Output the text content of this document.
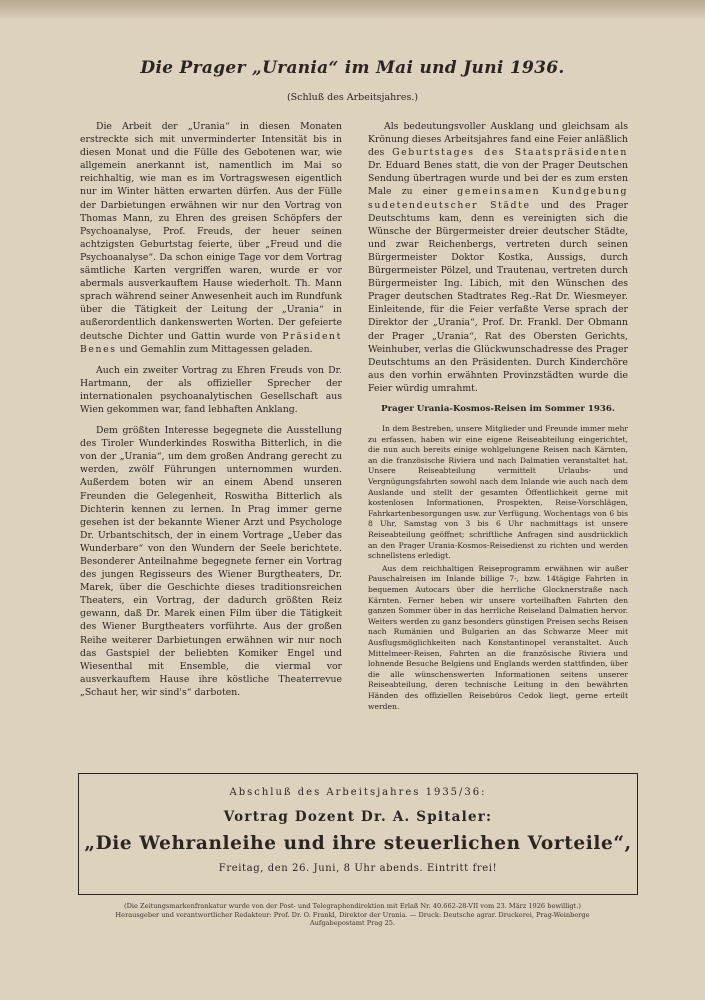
Die Prager „Urania“ im Mai und Juni 1936.
(Schluß des Arbeitsjahres.)

Die Arbeit der „Urania“ in diesen Monaten erstreckte sich mit unverminderter Intensität bis in diesen Monat und die Fülle des Gebotenen war, wie allgemein anerkannt ist, namentlich im Mai so reichhaltig, wie man es im Vortragswesen eigentlich nur im Winter hätten erwarten dürfen. Aus der Fülle der Darbietungen erwähnen wir nur den Vortrag von Thomas Mann, zu Ehren des greisen Schöpfers der Psychoanalyse, Prof. Freuds, der heuer seinen achtzigsten Geburtstag feierte, über „Freud und die Psychoanalyse“. Da schon einige Tage vor dem Vortrag sämtliche Karten vergriffen waren, wurde er vor abermals ausverkauftem Hause wiederholt. Th. Mann sprach während seiner Anwesenheit auch im Rundfunk über die Tätigkeit der Leitung der „Urania“ in außerordentlich dankenswerten Worten. Der gefeierte deutsche Dichter und Gattin wurde von Präsident Benes und Gemahlin zum Mittagessen geladen.

Auch ein zweiter Vortrag zu Ehren Freuds von Dr. Hartmann, der als offizieller Sprecher der internationalen psychoanalytischen Gesellschaft aus Wien gekommen war, fand lebhaften Anklang.

Dem größten Interesse begegnete die Ausstellung des Tiroler Wunderkindes Roswitha Bitterlich, in die von der „Urania“, um dem großen Andrang gerecht zu werden, zwölf Führungen unternommen wurden. Außerdem boten wir an einem Abend unseren Freunden die Gelegenheit, Roswitha Bitterlich als Dichterin kennen zu lernen. In Prag immer gerne gesehen ist der bekannte Wiener Arzt und Psychologe Dr. Urbantschitsch, der in einem Vortrage „Ueber das Wunderbare“ von den Wundern der Seele berichtete. Besonderer Anteilnahme begegnete ferner ein Vortrag des jungen Regisseurs des Wiener Burgtheaters, Dr. Marek, über die Geschichte dieses traditionsreichen Theaters, ein Vortrag, der dadurch größten Reiz gewann, daß Dr. Marek einen Film über die Tätigkeit des Wiener Burgtheaters vorführte. Aus der großen Reihe weiterer Darbietungen erwähnen wir nur noch das Gastspiel der beliebten Komiker Engel und Wiesenthal mit Ensemble, die viermal vor ausverkauftem Hause ihre köstliche Theaterrevue „Schaut her, wir sind's“ darboten.

Als bedeutungsvoller Ausklang und gleichsam als Krönung dieses Arbeitsjahres fand eine Feier anläßlich des Geburtstages des Staatspräsidenten Dr. Eduard Benes statt, die von der Prager Deutschen Sendung übertragen wurde und bei der es zum ersten Male zu einer gemeinsamen Kundgebung sudetendeutscher Städte und des Prager Deutschtums kam, denn es vereinigten sich die Wünsche der Bürgermeister dreier deutscher Städte, und zwar Reichenbergs, vertreten durch seinen Bürgermeister Doktor Kostka, Aussigs, durch Bürgermeister Pölzel, und Trautenau, vertreten durch Bürgermeister Ing. Libich, mit den Wünschen des Prager deutschen Stadtrates Reg.-Rat Dr. Wiesmeyer. Einleitende, für die Feier verfaßte Verse sprach der Direktor der „Urania“, Prof. Dr. Frankl. Der Obmann der Prager „Urania“, Rat des Obersten Gerichts, Weinhuber, verlas die Glückwunschadresse des Prager Deutschtums an den Präsidenten. Durch Kinderchöre aus den vorhin erwähnten Provinzstädten wurde die Feier würdig umrahmt.

Prager Urania-Kosmos-Reisen im Sommer 1936.

In dem Bestreben, unsere Mitglieder und Freunde immer mehr zu erfassen, haben wir eine eigene Reiseabteilung eingerichtet, die nun auch bereits einige wohlgelungene Reisen nach Kärnten, an die französische Riviera und nach Dalmatien veranstaltet hat. Unsere Reiseabteilung vermittelt Urlaubs- und Vergnügungsfahrten sowohl nach dem Inlande wie auch nach dem Auslande und stellt der gesamten Öffentlichkeit gerne mit kostenlosen Informationen, Prospekten, Reise-Vorschlägen, Fahrkartenbesorgungen usw. zur Verfügung. Wochentags von 6 bis 8 Uhr, Samstag von 3 bis 6 Uhr nachmittags ist unsere Reiseabteilung geöffnet; schriftliche Anfragen sind ausdrücklich an den Prager Urania-Kosmos-Reisedienst zu richten und werden schnellstens erledigt.

Aus dem reichhaltigen Reiseprogramm erwähnen wir außer Pauschalreisen im Inlande billige 7-, bzw. 14tägige Fahrten in bequemen Autocars über die herrliche Glocknerstraße nach Kärnten. Ferner heben wir unsere vorteilhaften Fahrten den ganzen Sommer über in das herrliche Reiseland Dalmatien hervor. Weiters werden zu ganz besonders günstigen Preisen sechs Reisen nach Rumänien und Bulgarien an das Schwarze Meer mit Ausflugsmöglichkeiten nach Konstantinopel veranstaltet. Auch Mittelmeer-Reisen, Fahrten an die französische Riviera und lohnende Besuche Belgiens und Englands werden stattfinden, über die alle wünschenswerten Informationen seitens unserer Reiseabteilung, deren technische Leitung in den bewährten Händen des offiziellen Reisebüros Cedok liegt, gerne erteilt werden.

Abschluß des Arbeitsjahres 1935/36:
Vortrag Dozent Dr. A. Spitaler:
„Die Wehranleihe und ihre steuerlichen Vorteile“,
Freitag, den 26. Juni, 8 Uhr abends. Eintritt frei!
(Die Zeitungsmarkenfrankatur wurde von der Post- und Telegraphendirektion mit Erlaß Nr. 40.662-28-VII vom 23. März 1926 bewilligt.)
Herausgeber und verantwortlicher Redakteur: Prof. Dr. O. Frankl, Direktor der Urania. — Druck: Deutsche agrar. Druckerei, Prag-Weinberge
Aufgabepostamt Prag 25.
